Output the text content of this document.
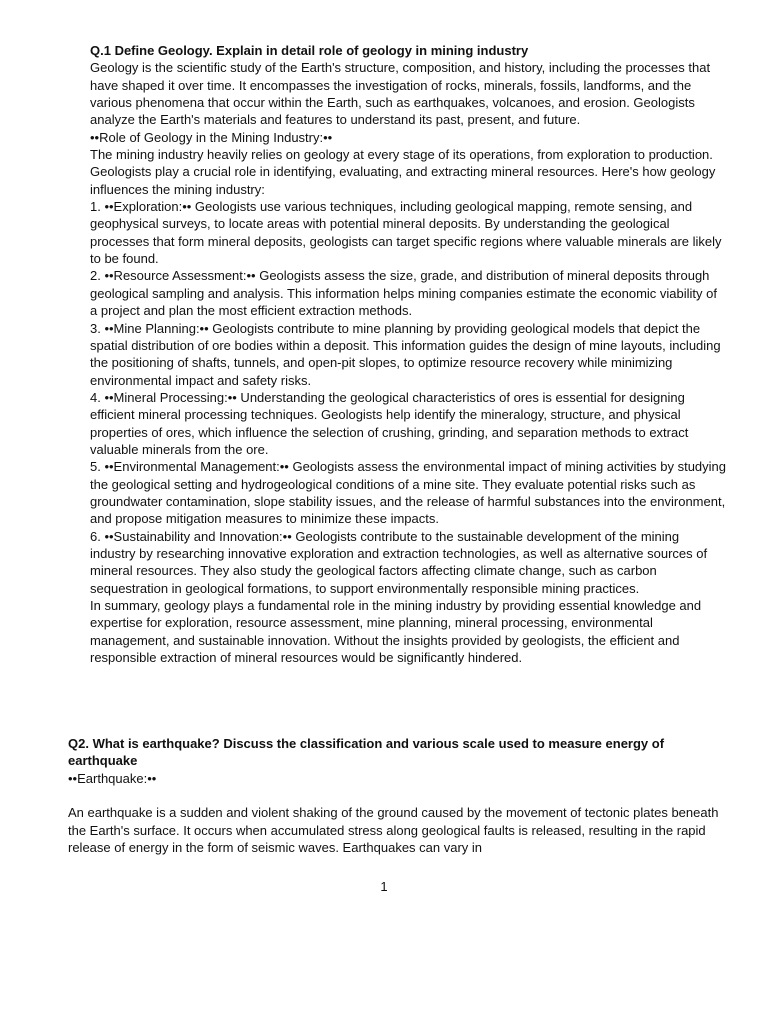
Q.1 Define Geology. Explain in detail role of geology in mining industry

Geology is the scientific study of the Earth's structure, composition, and history, including the processes that have shaped it over time. It encompasses the investigation of rocks, minerals, fossils, landforms, and the various phenomena that occur within the Earth, such as earthquakes, volcanoes, and erosion. Geologists analyze the Earth's materials and features to understand its past, present, and future.

••Role of Geology in the Mining Industry:••

The mining industry heavily relies on geology at every stage of its operations, from exploration to production. Geologists play a crucial role in identifying, evaluating, and extracting mineral resources. Here's how geology influences the mining industry:

1. ••Exploration:•• Geologists use various techniques, including geological mapping, remote sensing, and geophysical surveys, to locate areas with potential mineral deposits. By understanding the geological processes that form mineral deposits, geologists can target specific regions where valuable minerals are likely to be found.

2. ••Resource Assessment:•• Geologists assess the size, grade, and distribution of mineral deposits through geological sampling and analysis. This information helps mining companies estimate the economic viability of a project and plan the most efficient extraction methods.

3. ••Mine Planning:•• Geologists contribute to mine planning by providing geological models that depict the spatial distribution of ore bodies within a deposit. This information guides the design of mine layouts, including the positioning of shafts, tunnels, and open-pit slopes, to optimize resource recovery while minimizing environmental impact and safety risks.

4. ••Mineral Processing:•• Understanding the geological characteristics of ores is essential for designing efficient mineral processing techniques. Geologists help identify the mineralogy, structure, and physical properties of ores, which influence the selection of crushing, grinding, and separation methods to extract valuable minerals from the ore.

5. ••Environmental Management:•• Geologists assess the environmental impact of mining activities by studying the geological setting and hydrogeological conditions of a mine site. They evaluate potential risks such as groundwater contamination, slope stability issues, and the release of harmful substances into the environment, and propose mitigation measures to minimize these impacts.

6. ••Sustainability and Innovation:•• Geologists contribute to the sustainable development of the mining industry by researching innovative exploration and extraction technologies, as well as alternative sources of mineral resources. They also study the geological factors affecting climate change, such as carbon sequestration in geological formations, to support environmentally responsible mining practices.

In summary, geology plays a fundamental role in the mining industry by providing essential knowledge and expertise for exploration, resource assessment, mine planning, mineral processing, environmental management, and sustainable innovation. Without the insights provided by geologists, the efficient and responsible extraction of mineral resources would be significantly hindered.

Q2. What is earthquake? Discuss the classification and various scale used to measure energy of earthquake

••Earthquake:••

An earthquake is a sudden and violent shaking of the ground caused by the movement of tectonic plates beneath the Earth's surface. It occurs when accumulated stress along geological faults is released, resulting in the rapid release of energy in the form of seismic waves. Earthquakes can vary in

1
